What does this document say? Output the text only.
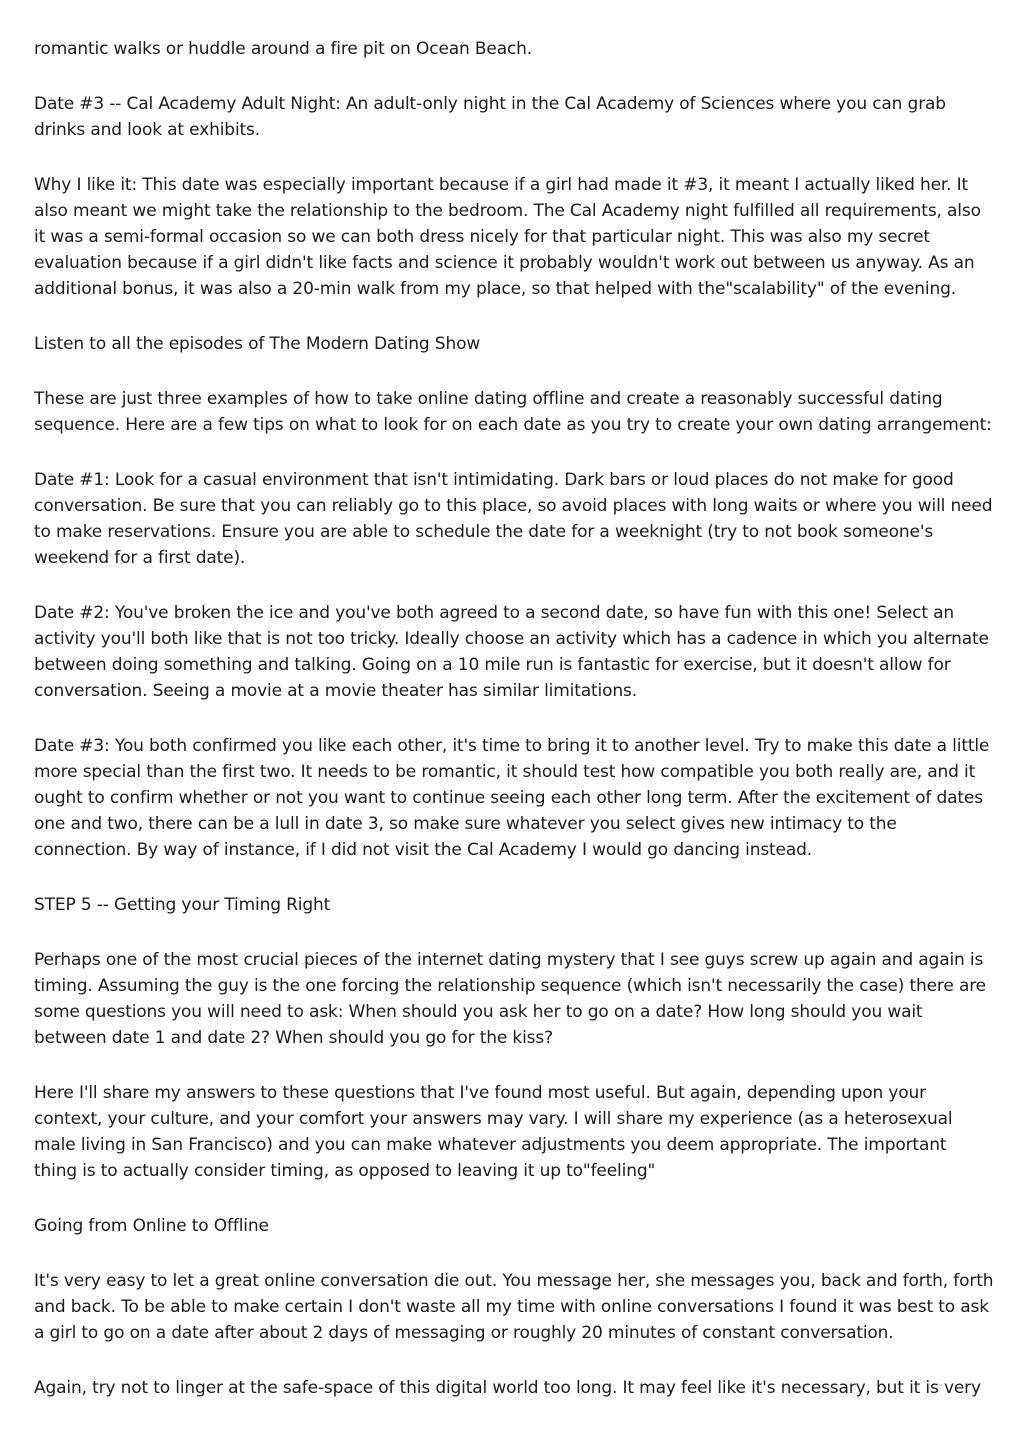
romantic walks or huddle around a fire pit on Ocean Beach.

Date #3 -- Cal Academy Adult Night: An adult-only night in the Cal Academy of Sciences where you can grab drinks and look at exhibits.

Why I like it: This date was especially important because if a girl had made it #3, it meant I actually liked her. It also meant we might take the relationship to the bedroom. The Cal Academy night fulfilled all requirements, also it was a semi-formal occasion so we can both dress nicely for that particular night. This was also my secret evaluation because if a girl didn't like facts and science it probably wouldn't work out between us anyway. As an additional bonus, it was also a 20-min walk from my place, so that helped with the"scalability" of the evening.

Listen to all the episodes of The Modern Dating Show

These are just three examples of how to take online dating offline and create a reasonably successful dating sequence. Here are a few tips on what to look for on each date as you try to create your own dating arrangement:

Date #1: Look for a casual environment that isn't intimidating. Dark bars or loud places do not make for good conversation. Be sure that you can reliably go to this place, so avoid places with long waits or where you will need to make reservations. Ensure you are able to schedule the date for a weeknight (try to not book someone's weekend for a first date).

Date #2: You've broken the ice and you've both agreed to a second date, so have fun with this one! Select an activity you'll both like that is not too tricky. Ideally choose an activity which has a cadence in which you alternate between doing something and talking. Going on a 10 mile run is fantastic for exercise, but it doesn't allow for conversation. Seeing a movie at a movie theater has similar limitations.

Date #3: You both confirmed you like each other, it's time to bring it to another level. Try to make this date a little more special than the first two. It needs to be romantic, it should test how compatible you both really are, and it ought to confirm whether or not you want to continue seeing each other long term. After the excitement of dates one and two, there can be a lull in date 3, so make sure whatever you select gives new intimacy to the connection. By way of instance, if I did not visit the Cal Academy I would go dancing instead.

STEP 5 -- Getting your Timing Right

Perhaps one of the most crucial pieces of the internet dating mystery that I see guys screw up again and again is timing. Assuming the guy is the one forcing the relationship sequence (which isn't necessarily the case) there are some questions you will need to ask: When should you ask her to go on a date? How long should you wait between date 1 and date 2? When should you go for the kiss?

Here I'll share my answers to these questions that I've found most useful. But again, depending upon your context, your culture, and your comfort your answers may vary. I will share my experience (as a heterosexual male living in San Francisco) and you can make whatever adjustments you deem appropriate. The important thing is to actually consider timing, as opposed to leaving it up to"feeling"

Going from Online to Offline

It's very easy to let a great online conversation die out. You message her, she messages you, back and forth, forth and back. To be able to make certain I don't waste all my time with online conversations I found it was best to ask a girl to go on a date after about 2 days of messaging or roughly 20 minutes of constant conversation.

Again, try not to linger at the safe-space of this digital world too long. It may feel like it's necessary, but it is very
